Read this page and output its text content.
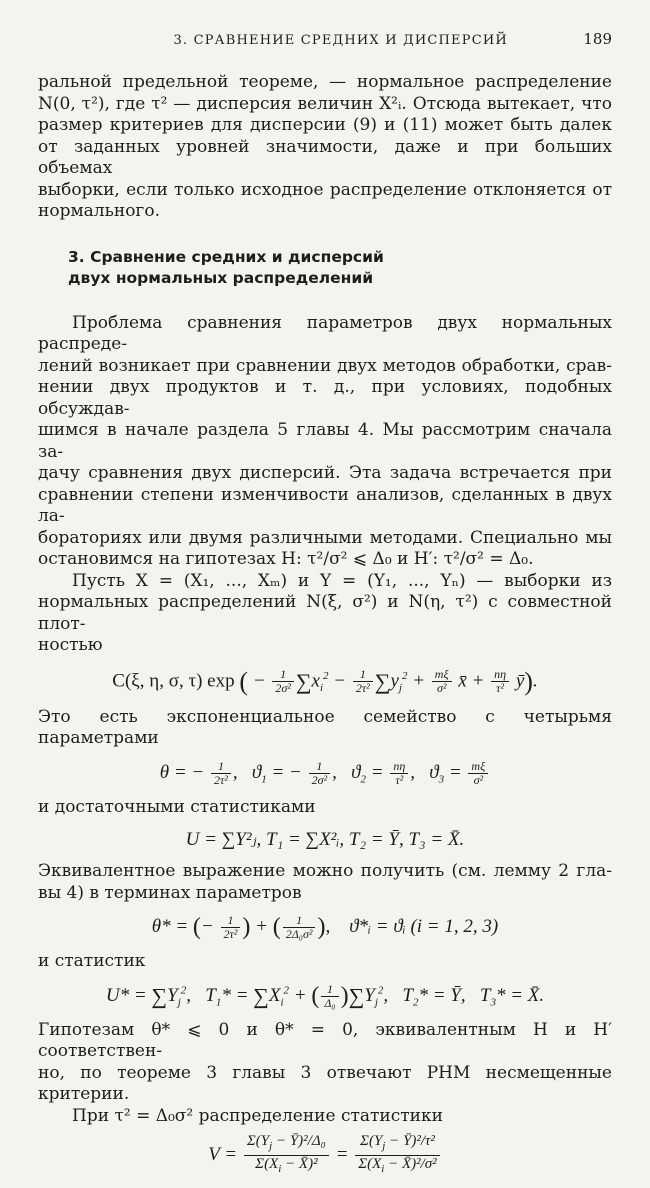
3. СРАВНЕНИЕ СРЕДНИХ И ДИСПЕРСИЙ	189

ральной предельной теореме, — нормальное распределение

N(0, τ²), где τ² — дисперсия величин X²ᵢ. Отсюда вытекает, что

размер критериев для дисперсии (9) и (11) может быть далек

от заданных уровней значимости, даже и при больших объемах

выборки, если только исходное распределение отклоняется от

нормального.

3. Сравнение средних и дисперсий
двух нормальных распределений

Проблема сравнения параметров двух нормальных распреде-

лений возникает при сравнении двух методов обработки, срав-

нении двух продуктов и т. д., при условиях, подобных обсуждав-

шимся в начале раздела 5 главы 4. Мы рассмотрим сначала за-

дачу сравнения двух дисперсий. Эта задача встречается при

сравнении степени изменчивости анализов, сделанных в двух ла-

бораториях или двумя различными методами. Специально мы

остановимся на гипотезах H: τ²/σ² ⩽ Δ₀ и H′: τ²/σ² = Δ₀.

Пусть X = (X₁, ..., Xₘ) и Y = (Y₁, ..., Yₙ) — выборки из

нормальных распределений N(ξ, σ²) и N(η, τ²) с совместной плот-

ностью

C(ξ, η, σ, τ) exp ( − $\frac{1}{\text{2σ²}} \sum x_i^2 - \frac{1}{\text{2τ²}} \sum y_j^2 + \frac{m\xi}{\text{σ²}}$ x̄ + $\frac{n\eta}{\text{τ²}}$ ȳ).

Это есть экспоненциальное семейство с четырьмя параметрами

θ = − $\frac{1}{\text{2τ²}}$ ,   $ϑ_1$ = − $\frac{1}{\text{2σ²}}$ ,   $ϑ_2 = \frac{n\eta}{\text{τ²}}$ ,   $ϑ_3 = \frac{m\xi}{\text{σ²}}$

и достаточными статистиками

U = ∑Y²ⱼ, T₁ = ∑X²ᵢ, T₂ = Ȳ, T₃ = X̄.

Эквивалентное выражение можно получить (см. лемму 2 гла-

вы 4) в терминах параметров

θ* = (− $\frac{1}{\text{2τ²}}$ ) + ( $\frac{1}{\text{2Δ₀σ²}}$ ),    ϑ*ᵢ = ϑᵢ (i = 1, 2, 3)

и статистик

$U* = \sum Y_j^2$,   $T_1* = \sum X_i^2$ + ( $\frac{1}{\text{Δ₀}} )\sum Y_j^2$,   $T_2*$ = Ȳ,   $T_3*$ = X̄.

Гипотезам θ* ⩽ 0 и θ* = 0, эквивалентным H и H′ соответствен-

но, по теореме 3 главы 3 отвечают РНМ несмещенные критерии.

При τ² = Δ₀σ² распределение статистики

$V = \frac{\Sigma(Y_j - Ȳ)^2/\Delta_0}{\Sigma(X_i - X̄)^2} = \frac{\Sigma(Y_j - Ȳ)^2/\tau^2}{\Sigma(X_i - X̄)^2/\sigma^2}$
